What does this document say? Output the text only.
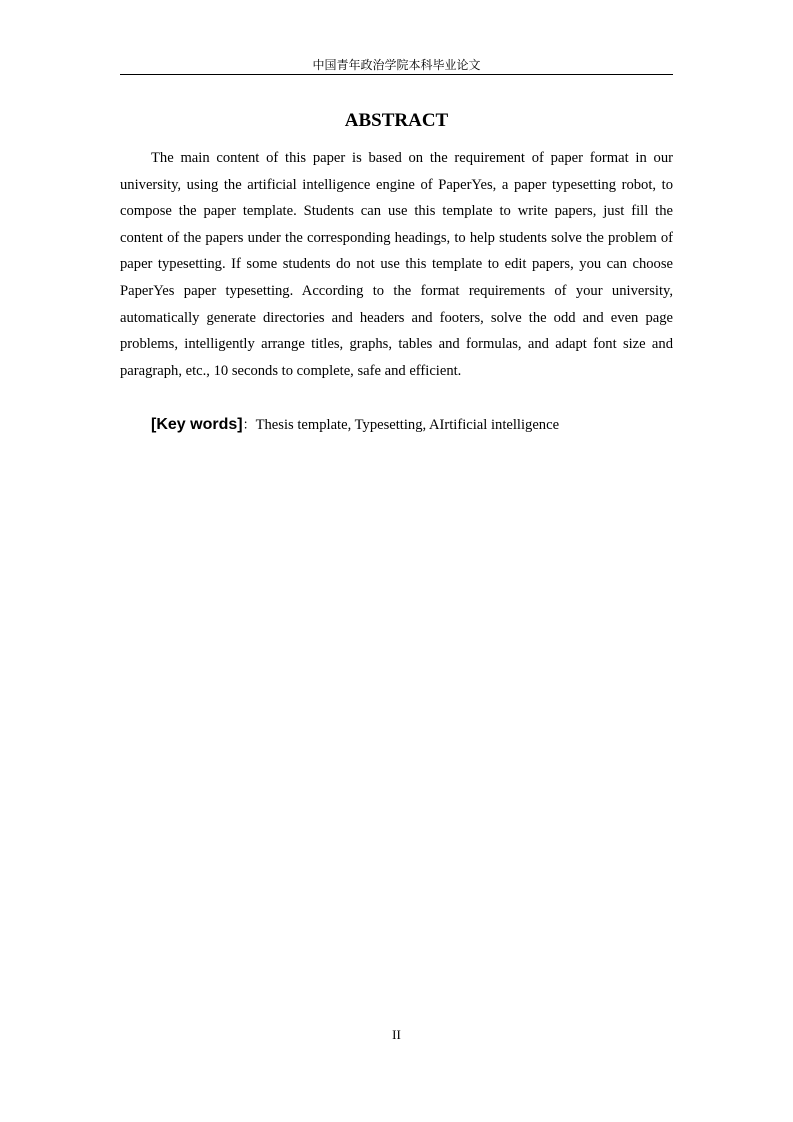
中国青年政治学院本科毕业论文
ABSTRACT

The main content of this paper is based on the requirement of paper format in our university, using the artificial intelligence engine of PaperYes, a paper typesetting robot, to compose the paper template. Students can use this template to write papers, just fill the content of the papers under the corresponding headings, to help students solve the problem of paper typesetting. If some students do not use this template to edit papers, you can choose PaperYes paper typesetting. According to the format requirements of your university, automatically generate directories and headers and footers, solve the odd and even page problems, intelligently arrange titles, graphs, tables and formulas, and adapt font size and paragraph, etc., 10 seconds to complete, safe and efficient.

[Key words]：Thesis template, Typesetting, AIrtificial intelligence

II
